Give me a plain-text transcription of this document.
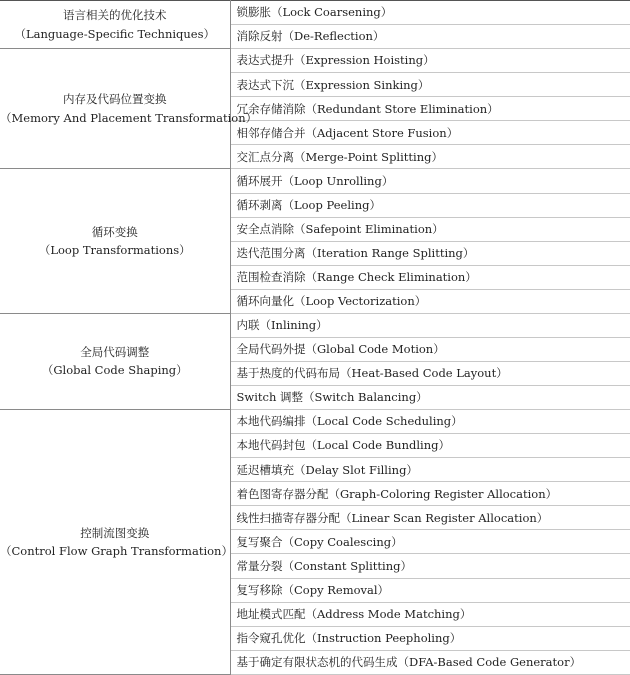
语言相关的优化技术
（Language-Specific Techniques）	锁膨胀（Lock Coarsening）
	消除反射（De-Reflection）

内存及代码位置变换
（Memory And Placement Transformation）	表达式提升（Expression Hoisting）
	表达式下沉（Expression Sinking）
	冗余存储消除（Redundant Store Elimination）
	相邻存储合并（Adjacent Store Fusion）
	交汇点分离（Merge-Point Splitting）

循环变换
（Loop Transformations）	循环展开（Loop Unrolling）
	循环剥离（Loop Peeling）
	安全点消除（Safepoint Elimination）
	迭代范围分离（Iteration Range Splitting）
	范围检查消除（Range Check Elimination）
	循环向量化（Loop Vectorization）

全局代码调整
（Global Code Shaping）	内联（Inlining）
	全局代码外提（Global Code Motion）
	基于热度的代码布局（Heat-Based Code Layout）
	Switch 调整（Switch Balancing）

控制流图变换
（Control Flow Graph Transformation）	本地代码编排（Local Code Scheduling）
	本地代码封包（Local Code Bundling）
	延迟槽填充（Delay Slot Filling）
	着色图寄存器分配（Graph-Coloring Register Allocation）
	线性扫描寄存器分配（Linear Scan Register Allocation）
	复写聚合（Copy Coalescing）
	常量分裂（Constant Splitting）
	复写移除（Copy Removal）
	地址模式匹配（Address Mode Matching）
	指令窥孔优化（Instruction Peepholing）
	基于确定有限状态机的代码生成（DFA-Based Code Generator）
